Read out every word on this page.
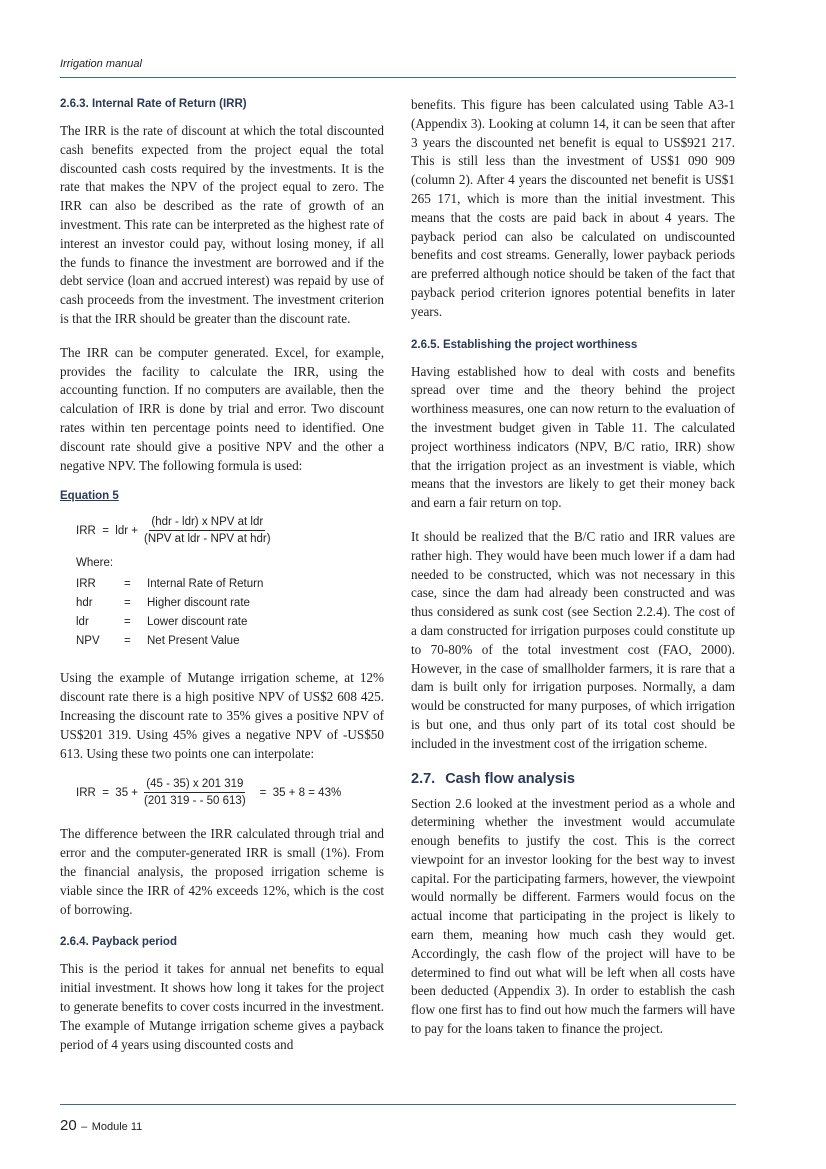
Irrigation manual
2.6.3. Internal Rate of Return (IRR)

The IRR is the rate of discount at which the total discounted cash benefits expected from the project equal the total discounted cash costs required by the investments. It is the rate that makes the NPV of the project equal to zero. The IRR can also be described as the rate of growth of an investment. This rate can be interpreted as the highest rate of interest an investor could pay, without losing money, if all the funds to finance the investment are borrowed and if the debt service (loan and accrued interest) was repaid by use of cash proceeds from the investment. The investment criterion is that the IRR should be greater than the discount rate.

The IRR can be computer generated. Excel, for example, provides the facility to calculate the IRR, using the accounting function. If no computers are available, then the calculation of IRR is done by trial and error. Two discount rates within ten percentage points need to identified. One discount rate should give a positive NPV and the other a negative NPV. The following formula is used:

Equation 5
IRR  =  ldr + $\frac{\text{(hdr - ldr) x NPV at ldr}}{\text{(NPV at ldr - NPV at hdr)}}$
Where:
IRR	=	Internal Rate of Return
hdr	=	Higher discount rate
ldr	=	Lower discount rate
NPV	=	Net Present Value

Using the example of Mutange irrigation scheme, at 12% discount rate there is a high positive NPV of US$2 608 425. Increasing the discount rate to 35% gives a positive NPV of US$201 319. Using 45% gives a negative NPV of -US$50 613. Using these two points one can interpolate:

IRR  =  $35 + \frac{(45 - 35) x 201 319}{(201 319 - - 50 613)} = 35 + 8 = 43\%$

The difference between the IRR calculated through trial and error and the computer-generated IRR is small (1%). From the financial analysis, the proposed irrigation scheme is viable since the IRR of 42% exceeds 12%, which is the cost of borrowing.

2.6.4. Payback period

This is the period it takes for annual net benefits to equal initial investment. It shows how long it takes for the project to generate benefits to cover costs incurred in the investment. The example of Mutange irrigation scheme gives a payback period of 4 years using discounted costs and

benefits. This figure has been calculated using Table A3-1 (Appendix 3). Looking at column 14, it can be seen that after 3 years the discounted net benefit is equal to US$921 217. This is still less than the investment of US$1 090 909 (column 2). After 4 years the discounted net benefit is US$1 265 171, which is more than the initial investment. This means that the costs are paid back in about 4 years. The payback period can also be calculated on undiscounted benefits and cost streams. Generally, lower payback periods are preferred although notice should be taken of the fact that payback period criterion ignores potential benefits in later years.

2.6.5. Establishing the project worthiness

Having established how to deal with costs and benefits spread over time and the theory behind the project worthiness measures, one can now return to the evaluation of the investment budget given in Table 11. The calculated project worthiness indicators (NPV, B/C ratio, IRR) show that the irrigation project as an investment is viable, which means that the investors are likely to get their money back and earn a fair return on top.

It should be realized that the B/C ratio and IRR values are rather high. They would have been much lower if a dam had needed to be constructed, which was not necessary in this case, since the dam had already been constructed and was thus considered as sunk cost (see Section 2.2.4). The cost of a dam constructed for irrigation purposes could constitute up to 70-80% of the total investment cost (FAO, 2000). However, in the case of smallholder farmers, it is rare that a dam is built only for irrigation purposes. Normally, a dam would be constructed for many purposes, of which irrigation is but one, and thus only part of its total cost should be included in the investment cost of the irrigation scheme.

2.7. Cash flow analysis

Section 2.6 looked at the investment period as a whole and determining whether the investment would accumulate enough benefits to justify the cost. This is the correct viewpoint for an investor looking for the best way to invest capital. For the participating farmers, however, the viewpoint would normally be different. Farmers would focus on the actual income that participating in the project is likely to earn them, meaning how much cash they would get. Accordingly, the cash flow of the project will have to be determined to find out what will be left when all costs have been deducted (Appendix 3). In order to establish the cash flow one first has to find out how much the farmers will have to pay for the loans taken to finance the project.

20 – Module 11
